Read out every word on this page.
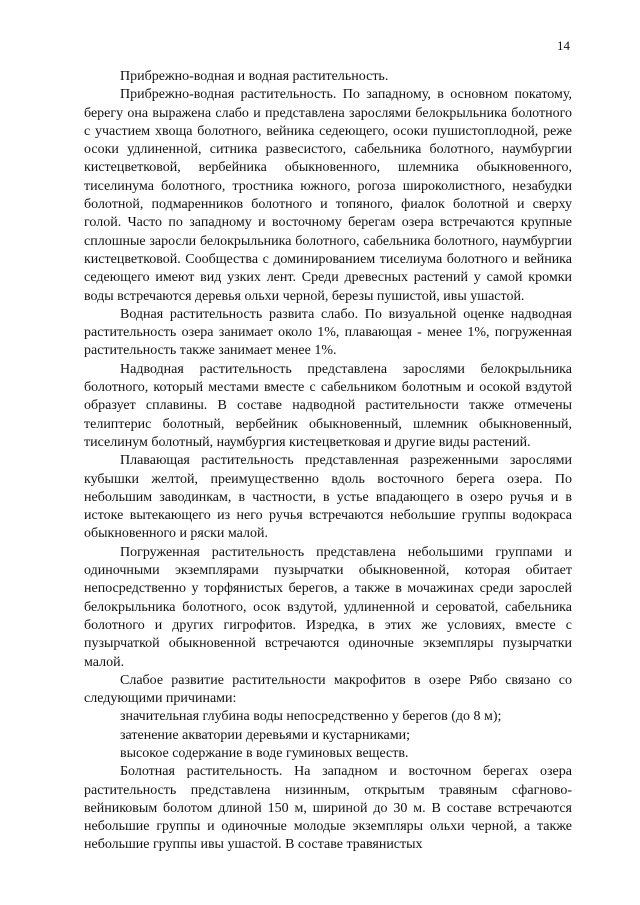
14

Прибрежно-водная и водная растительность.

Прибрежно-водная растительность. По западному, в основном покатому, берегу она выражена слабо и представлена зарослями белокрыльника болотного с участием хвоща болотного, вейника седеющего, осоки пушистоплодной, реже осоки удлиненной, ситника развесистого, сабельника болотного, наумбургии кистецветковой, вербейника обыкновенного, шлемника обыкновенного, тиселинума болотного, тростника южного, рогоза широколистного, незабудки болотной, подмаренников болотного и топяного, фиалок болотной и сверху голой. Часто по западному и восточному берегам озера встречаются крупные сплошные заросли белокрыльника болотного, сабельника болотного, наумбургии кистецветковой. Сообщества с доминированием тиселиума болотного и вейника седеющего имеют вид узких лент. Среди древесных растений у самой кромки воды встречаются деревья ольхи черной, березы пушистой, ивы ушастой.

Водная растительность развита слабо. По визуальной оценке надводная растительность озера занимает около 1%, плавающая - менее 1%, погруженная растительность также занимает менее 1%.

Надводная растительность представлена зарослями белокрыльника болотного, который местами вместе с сабельником болотным и осокой вздутой образует сплавины. В составе надводной растительности также отмечены телиптерис болотный, вербейник обыкновенный, шлемник обыкновенный, тиселинум болотный, наумбургия кистецветковая и другие виды растений.

Плавающая растительность представленная разреженными зарослями кубышки желтой, преимущественно вдоль восточного берега озера. По небольшим заводинкам, в частности, в устье впадающего в озеро ручья и в истоке вытекающего из него ручья встречаются небольшие группы водокраса обыкновенного и ряски малой.

Погруженная растительность представлена небольшими группами и одиночными экземплярами пузырчатки обыкновенной, которая обитает непосредственно у торфянистых берегов, а также в мочажинах среди зарослей белокрыльника болотного, осок вздутой, удлиненной и сероватой, сабельника болотного и других гигрофитов. Изредка, в этих же условиях, вместе с пузырчаткой обыкновенной встречаются одиночные экземпляры пузырчатки малой.

Слабое развитие растительности макрофитов в озере Рябо связано со следующими причинами:

значительная глубина воды непосредственно у берегов (до 8 м);

затенение акватории деревьями и кустарниками;

высокое содержание в воде гуминовых веществ.

Болотная растительность. На западном и восточном берегах озера растительность представлена низинным, открытым травяным сфагново-вейниковым болотом длиной 150 м, шириной до 30 м. В составе встречаются небольшие группы и одиночные молодые экземпляры ольхи черной, а также небольшие группы ивы ушастой. В составе травянистых
